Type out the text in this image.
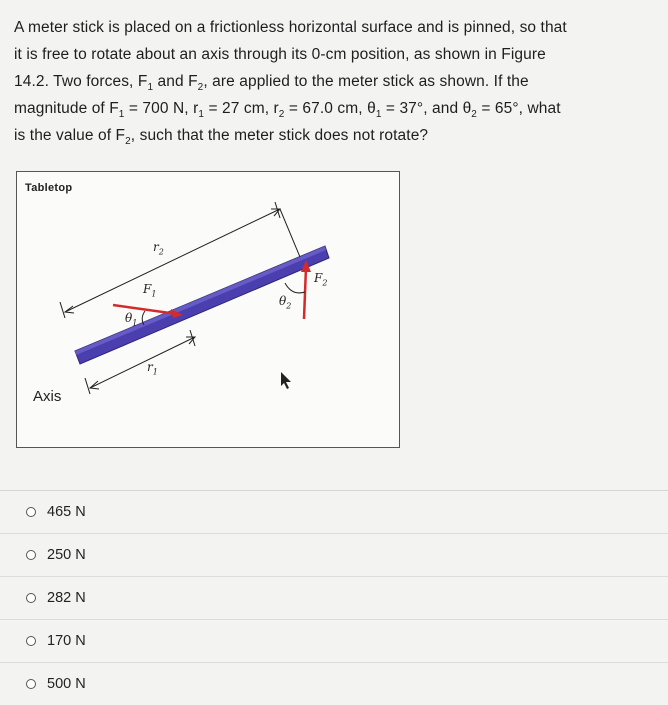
A meter stick is placed on a frictionless horizontal surface and is pinned, so that
it is free to rotate about an axis through its 0-cm position, as shown in Figure
14.2. Two forces, $F_1$ and $F_2$, are applied to the meter stick as shown. If the
magnitude of $F_1 = 700$ N, $r_1 = 27$ cm, $r_2 = 67.0$ cm, $\theta_1 = 37^\circ$, and $\theta_2 = 65^\circ$, what
is the value of $F_2$, such that the meter stick does not rotate?
Tabletop
Axis
$r_2$
$F_1$
$F_2$
$\theta_1$
$\theta_2$
$r_1$
465 N
250 N
282 N
170 N
500 N
